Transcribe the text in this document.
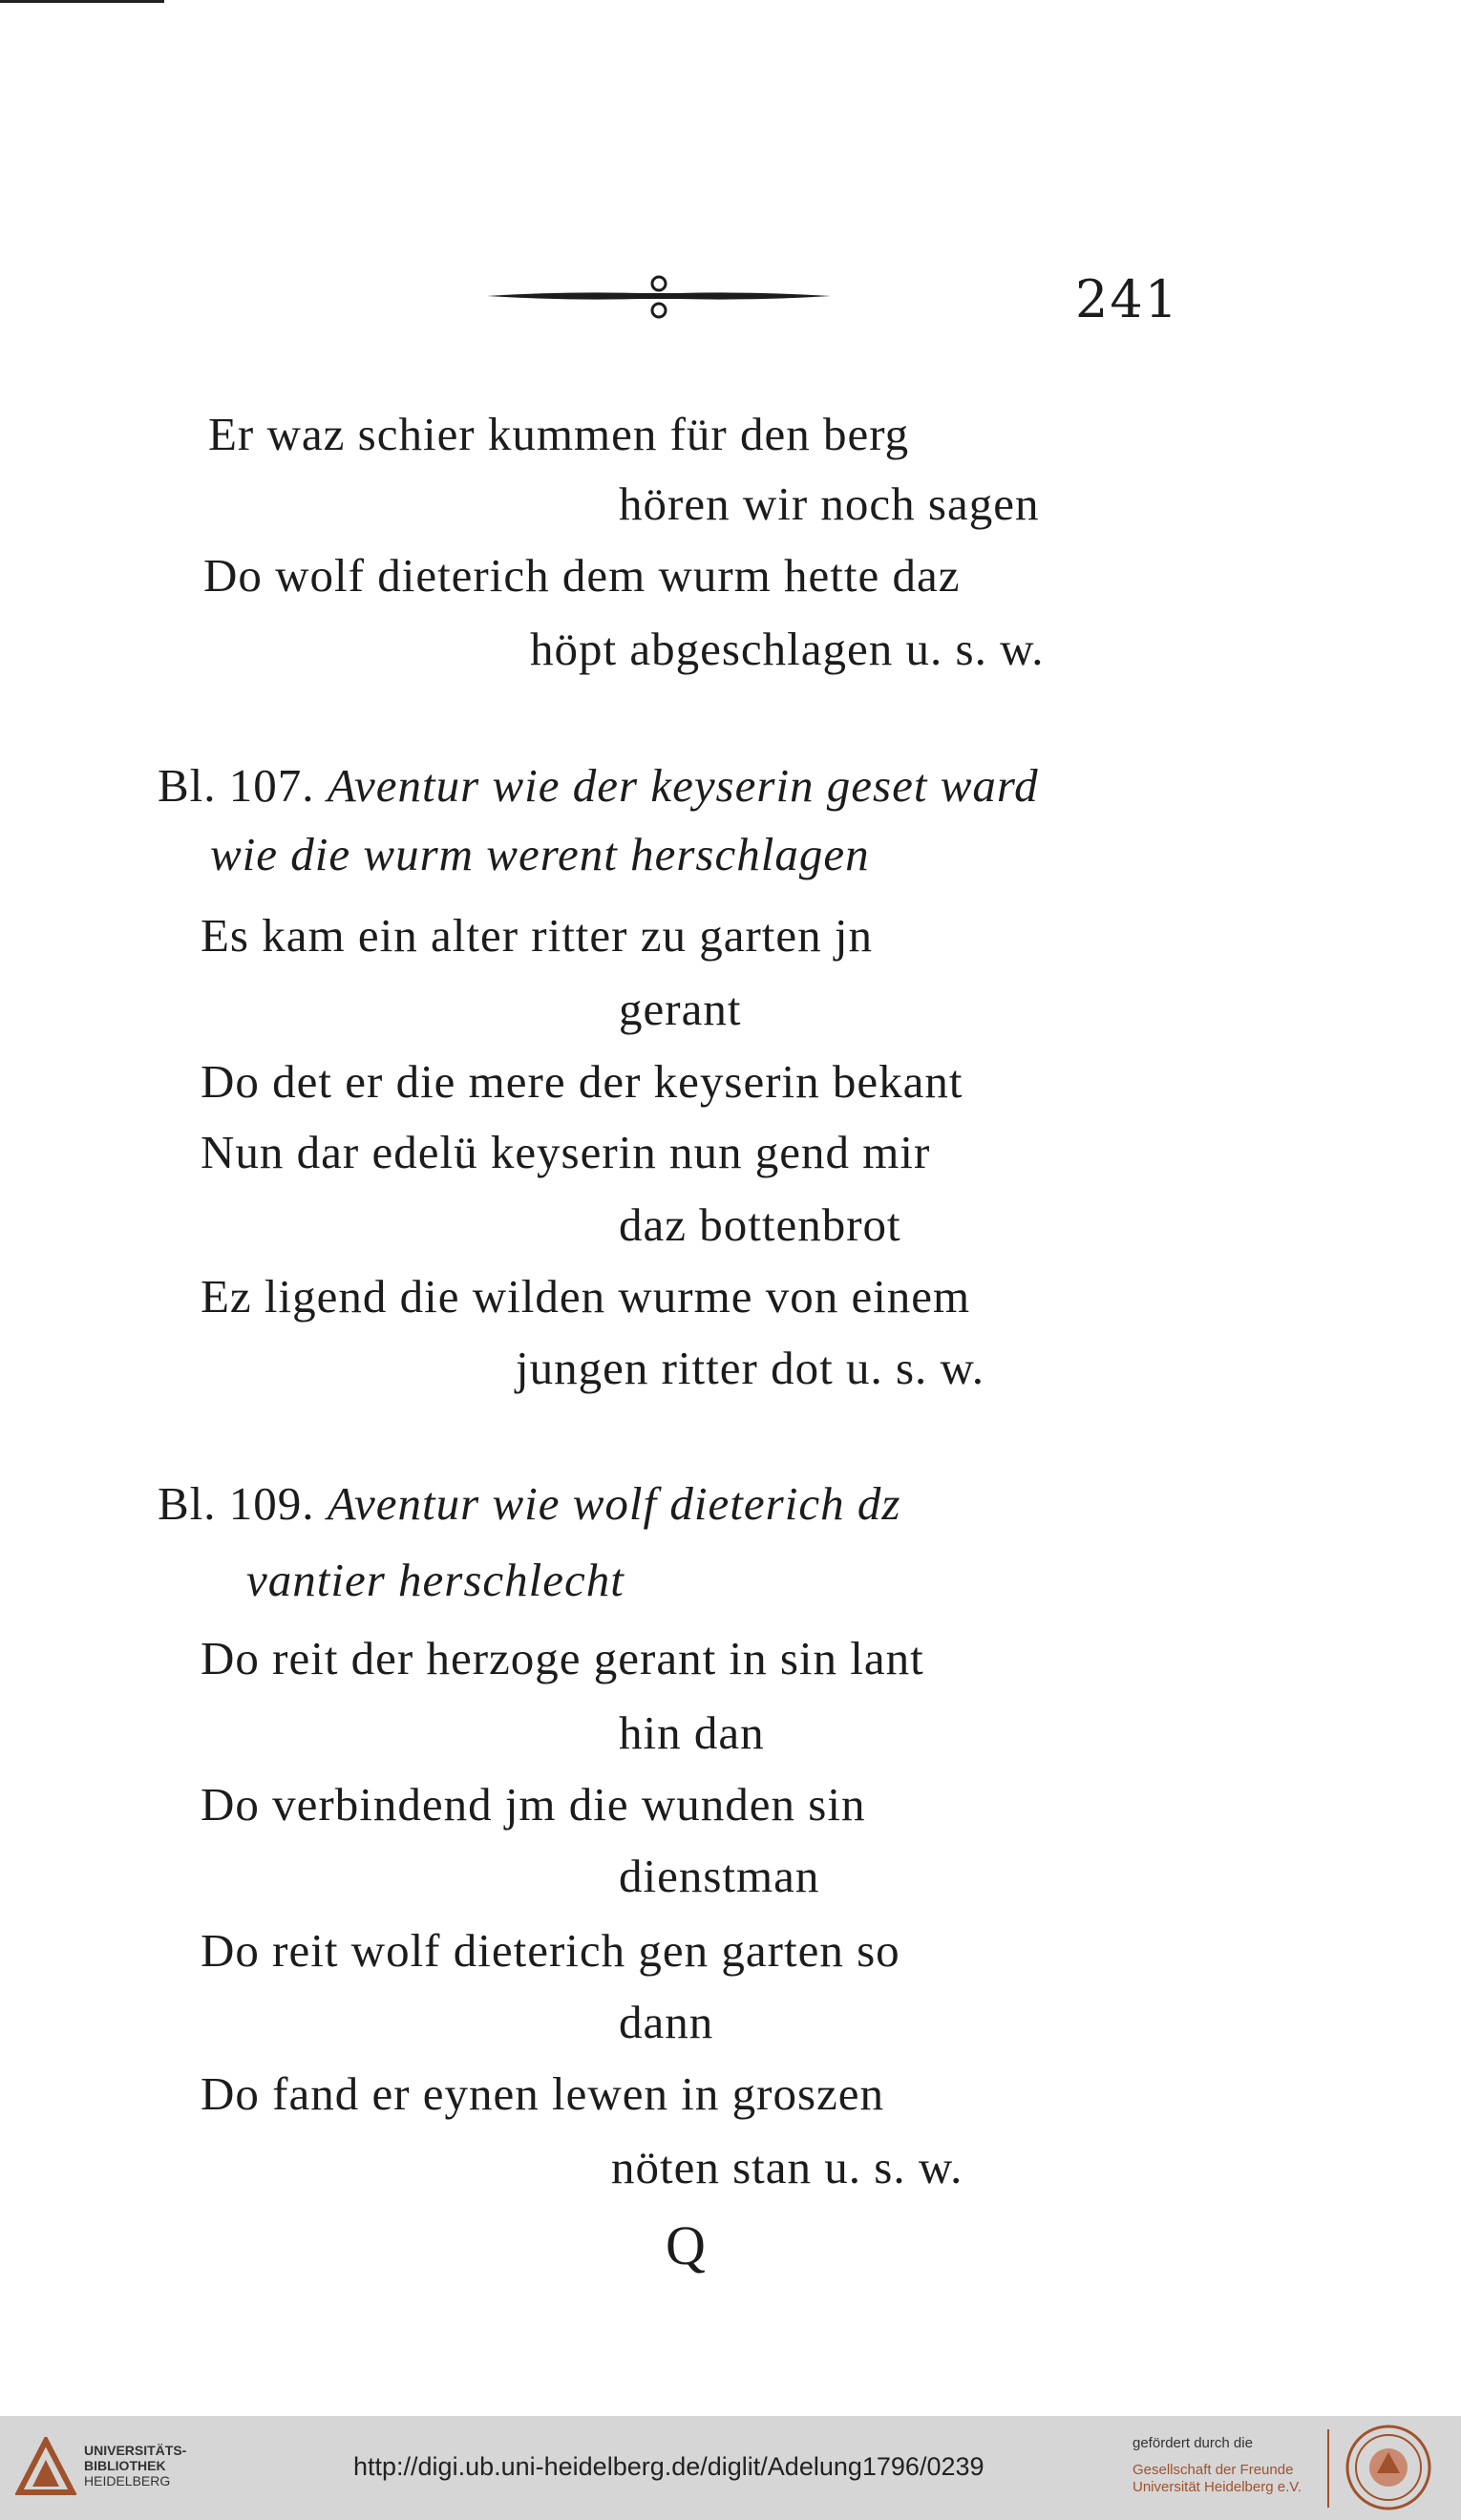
241
Er waz schier kummen für den berg
hören wir noch sagen
Do wolf dieterich dem wurm hette daz
höpt abgeschlagen u. s. w.
Bl. 107. Aventur wie der keyserin geset ward
wie die wurm werent herschlagen
Es kam ein alter ritter zu garten jn
gerant
Do det er die mere der keyserin bekant
Nun dar edelü keyserin nun gend mir
daz bottenbrot
Ez ligend die wilden wurme von einem
jungen ritter dot u. s. w.
Bl. 109. Aventur wie wolf dieterich dz
vantier herschlecht
Do reit der herzoge gerant in sin lant
hin dan
Do verbindend jm die wunden sin
dienstman
Do reit wolf dieterich gen garten so
dann
Do fand er eynen lewen in groszen
nöten stan u. s. w.
Q
UNIVERSITÄTS-
BIBLIOTHEK
HEIDELBERG	http://digi.ub.uni-heidelberg.de/diglit/Adelung1796/0239
gefördert durch die
Gesellschaft der Freunde
Universität Heidelberg e.V.
